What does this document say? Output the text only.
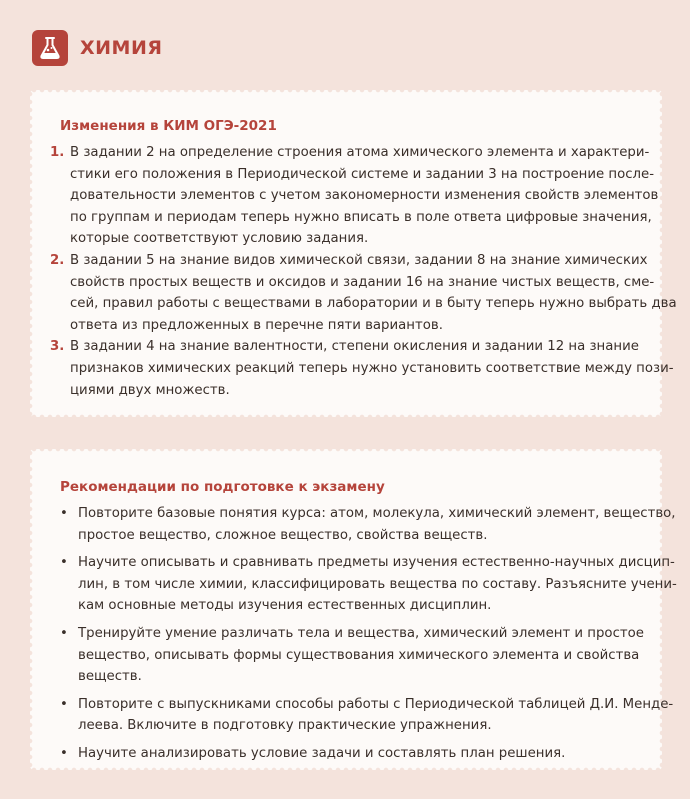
ХИМИЯ
Изменения в КИМ ОГЭ-2021
1. В задании 2 на определение строения атома химического элемента и характери-
стики его положения в Периодической системе и задании 3 на построение после-
довательности элементов с учетом закономерности изменения свойств элементов
по группам и периодам теперь нужно вписать в поле ответа цифровые значения,
которые соответствуют условию задания.
2. В задании 5 на знание видов химической связи, задании 8 на знание химических
свойств простых веществ и оксидов и задании 16 на знание чистых веществ, сме-
сей, правил работы с веществами в лаборатории и в быту теперь нужно выбрать два
ответа из предложенных в перечне пяти вариантов.
3. В задании 4 на знание валентности, степени окисления и задании 12 на знание
признаков химических реакций теперь нужно установить соответствие между пози-
циями двух множеств.
Рекомендации по подготовке к экзамену
• Повторите базовые понятия курса: атом, молекула, химический элемент, вещество,
простое вещество, сложное вещество, свойства веществ.
• Научите описывать и сравнивать предметы изучения естественно-научных дисцип-
лин, в том числе химии, классифицировать вещества по составу. Разъясните учени-
кам основные методы изучения естественных дисциплин.
• Тренируйте умение различать тела и вещества, химический элемент и простое
вещество, описывать формы существования химического элемента и свойства
веществ.
• Повторите с выпускниками способы работы с Периодической таблицей Д.И. Менде-
леева. Включите в подготовку практические упражнения.
• Научите анализировать условие задачи и составлять план решения.
